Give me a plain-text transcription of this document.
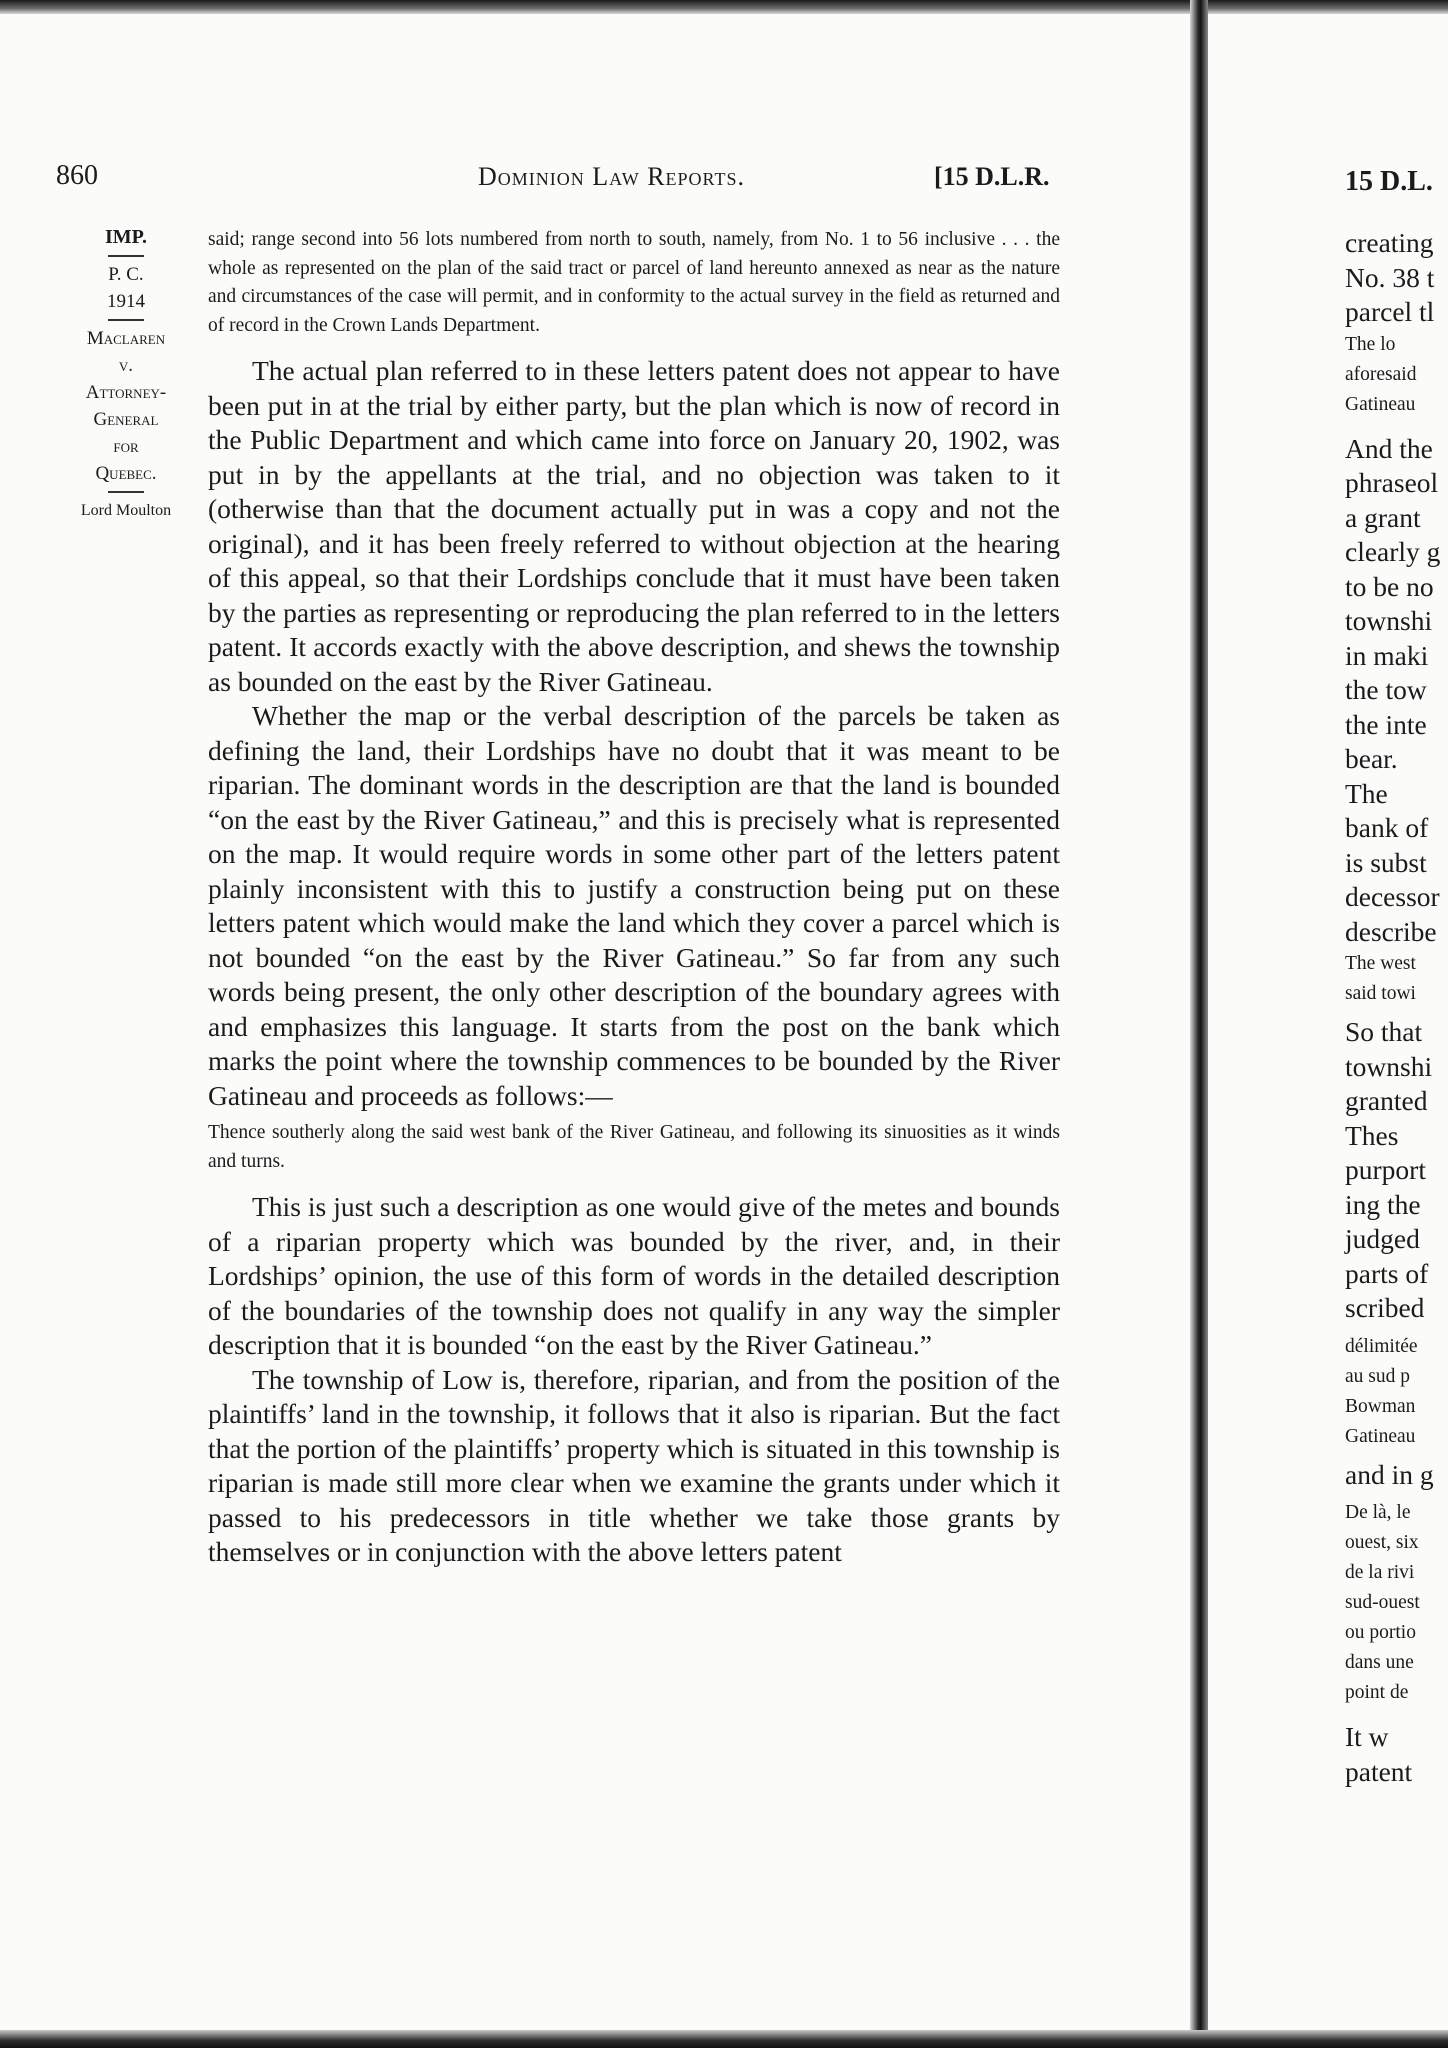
860	Dominion Law Reports.	[15 D.L.R.
IMP.
P. C.
1914
Maclaren
v.
Attorney-
General
for
Quebec.
Lord Moulton

said; range second into 56 lots numbered from north to south, namely, from No. 1 to 56 inclusive . . . the whole as represented on the plan of the said tract or parcel of land hereunto annexed as near as the nature and circumstances of the case will permit, and in conformity to the actual survey in the field as returned and of record in the Crown Lands Department.

The actual plan referred to in these letters patent does not appear to have been put in at the trial by either party, but the plan which is now of record in the Public Department and which came into force on January 20, 1902, was put in by the appellants at the trial, and no objection was taken to it (otherwise than that the document actually put in was a copy and not the original), and it has been freely referred to without objection at the hearing of this appeal, so that their Lordships conclude that it must have been taken by the parties as representing or reproducing the plan referred to in the letters patent. It accords exactly with the above description, and shews the township as bounded on the east by the River Gatineau.

Whether the map or the verbal description of the parcels be taken as defining the land, their Lordships have no doubt that it was meant to be riparian. The dominant words in the description are that the land is bounded “on the east by the River Gatineau,” and this is precisely what is represented on the map. It would require words in some other part of the letters patent plainly inconsistent with this to justify a construction being put on these letters patent which would make the land which they cover a parcel which is not bounded “on the east by the River Gatineau.” So far from any such words being present, the only other description of the boundary agrees with and emphasizes this language. It starts from the post on the bank which marks the point where the township commences to be bounded by the River Gatineau and proceeds as follows:—

Thence southerly along the said west bank of the River Gatineau, and following its sinuosities as it winds and turns.

This is just such a description as one would give of the metes and bounds of a riparian property which was bounded by the river, and, in their Lordships’ opinion, the use of this form of words in the detailed description of the boundaries of the township does not qualify in any way the simpler description that it is bounded “on the east by the River Gatineau.”

The township of Low is, therefore, riparian, and from the position of the plaintiffs’ land in the township, it follows that it also is riparian. But the fact that the portion of the plaintiffs’ property which is situated in this township is riparian is made still more clear when we examine the grants under which it passed to his predecessors in title whether we take those grants by themselves or in conjunction with the above letters patent

15 D.L.
creating
No. 38 t
parcel tl
The lo
aforesaid
Gatineau
And the
phraseol
a grant
clearly g
to be no
townshi
in maki
the tow
the inte
bear.
The
bank of
is subst
decessor
describe
The west
said towi
So that
townshi
granted
Thes
purport
ing the
judged
parts of
scribed
délimitée
au sud p
Bowman
Gatineau
and in g
De là, le
ouest, six
de la rivi
sud-ouest
ou portio
dans une
point de
It w
patent
